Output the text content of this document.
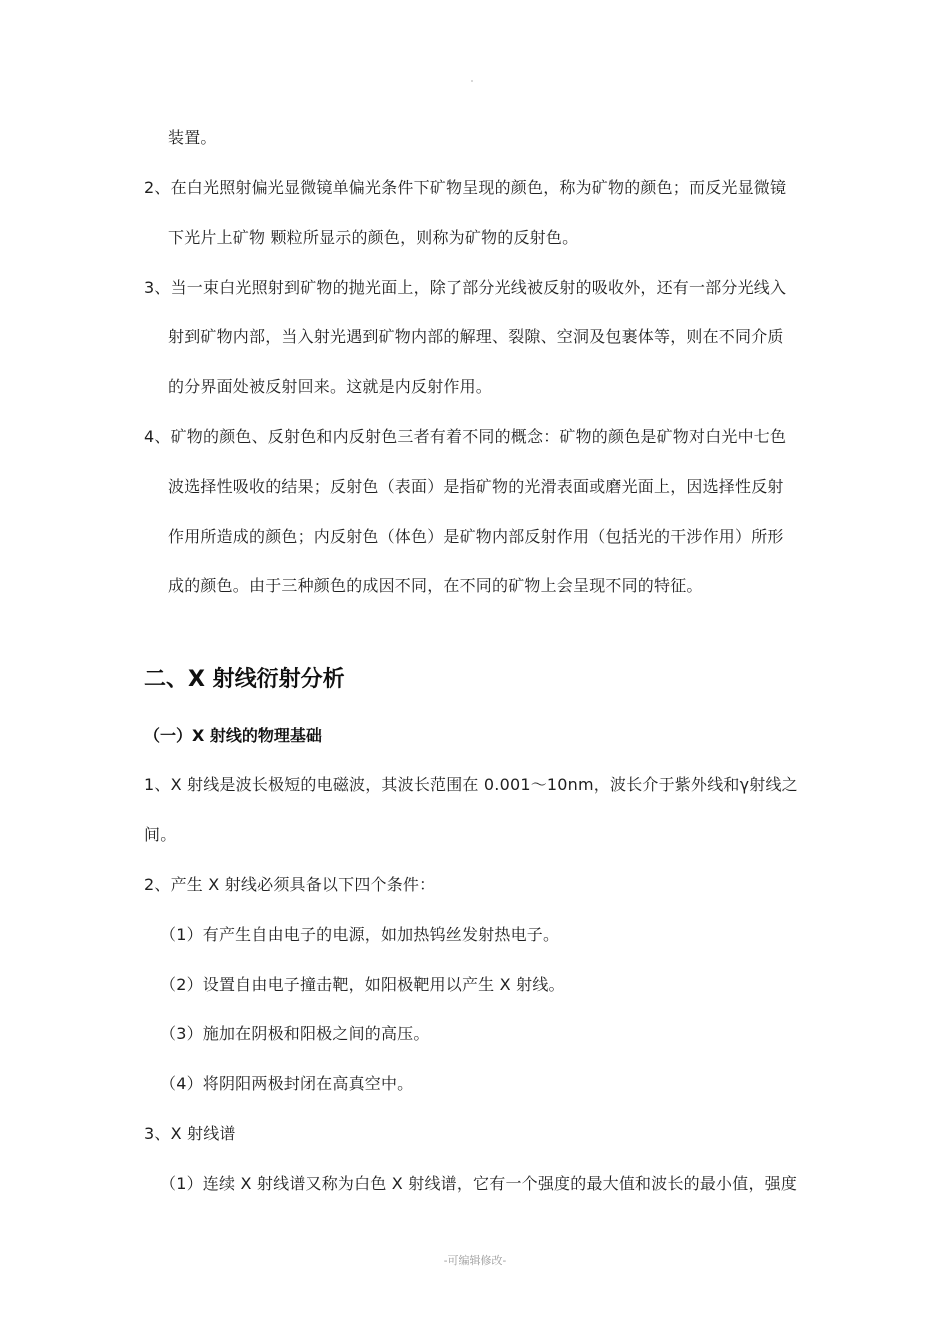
装置。
2、在白光照射偏光显微镜单偏光条件下矿物呈现的颜色，称为矿物的颜色；而反光显微镜
下光片上矿物 颗粒所显示的颜色，则称为矿物的反射色。
3、当一束白光照射到矿物的抛光面上，除了部分光线被反射的吸收外，还有一部分光线入
射到矿物内部，当入射光遇到矿物内部的解理、裂隙、空洞及包裹体等，则在不同介质
的分界面处被反射回来。这就是内反射作用。
4、矿物的颜色、反射色和内反射色三者有着不同的概念：矿物的颜色是矿物对白光中七色
波选择性吸收的结果；反射色（表面）是指矿物的光滑表面或磨光面上，因选择性反射
作用所造成的颜色；内反射色（体色）是矿物内部反射作用（包括光的干涉作用）所形
成的颜色。由于三种颜色的成因不同，在不同的矿物上会呈现不同的特征。
二、X 射线衍射分析
（一）X 射线的物理基础
1、X 射线是波长极短的电磁波，其波长范围在 0.001～10nm，波长介于紫外线和γ射线之
间。
2、产生 X 射线必须具备以下四个条件：
（1）有产生自由电子的电源，如加热钨丝发射热电子。
（2）设置自由电子撞击靶，如阳极靶用以产生 X 射线。
（3）施加在阴极和阳极之间的高压。
（4）将阴阳两极封闭在高真空中。
3、X 射线谱
（1）连续 X 射线谱又称为白色 X 射线谱，它有一个强度的最大值和波长的最小值，强度
-可编辑修改-
